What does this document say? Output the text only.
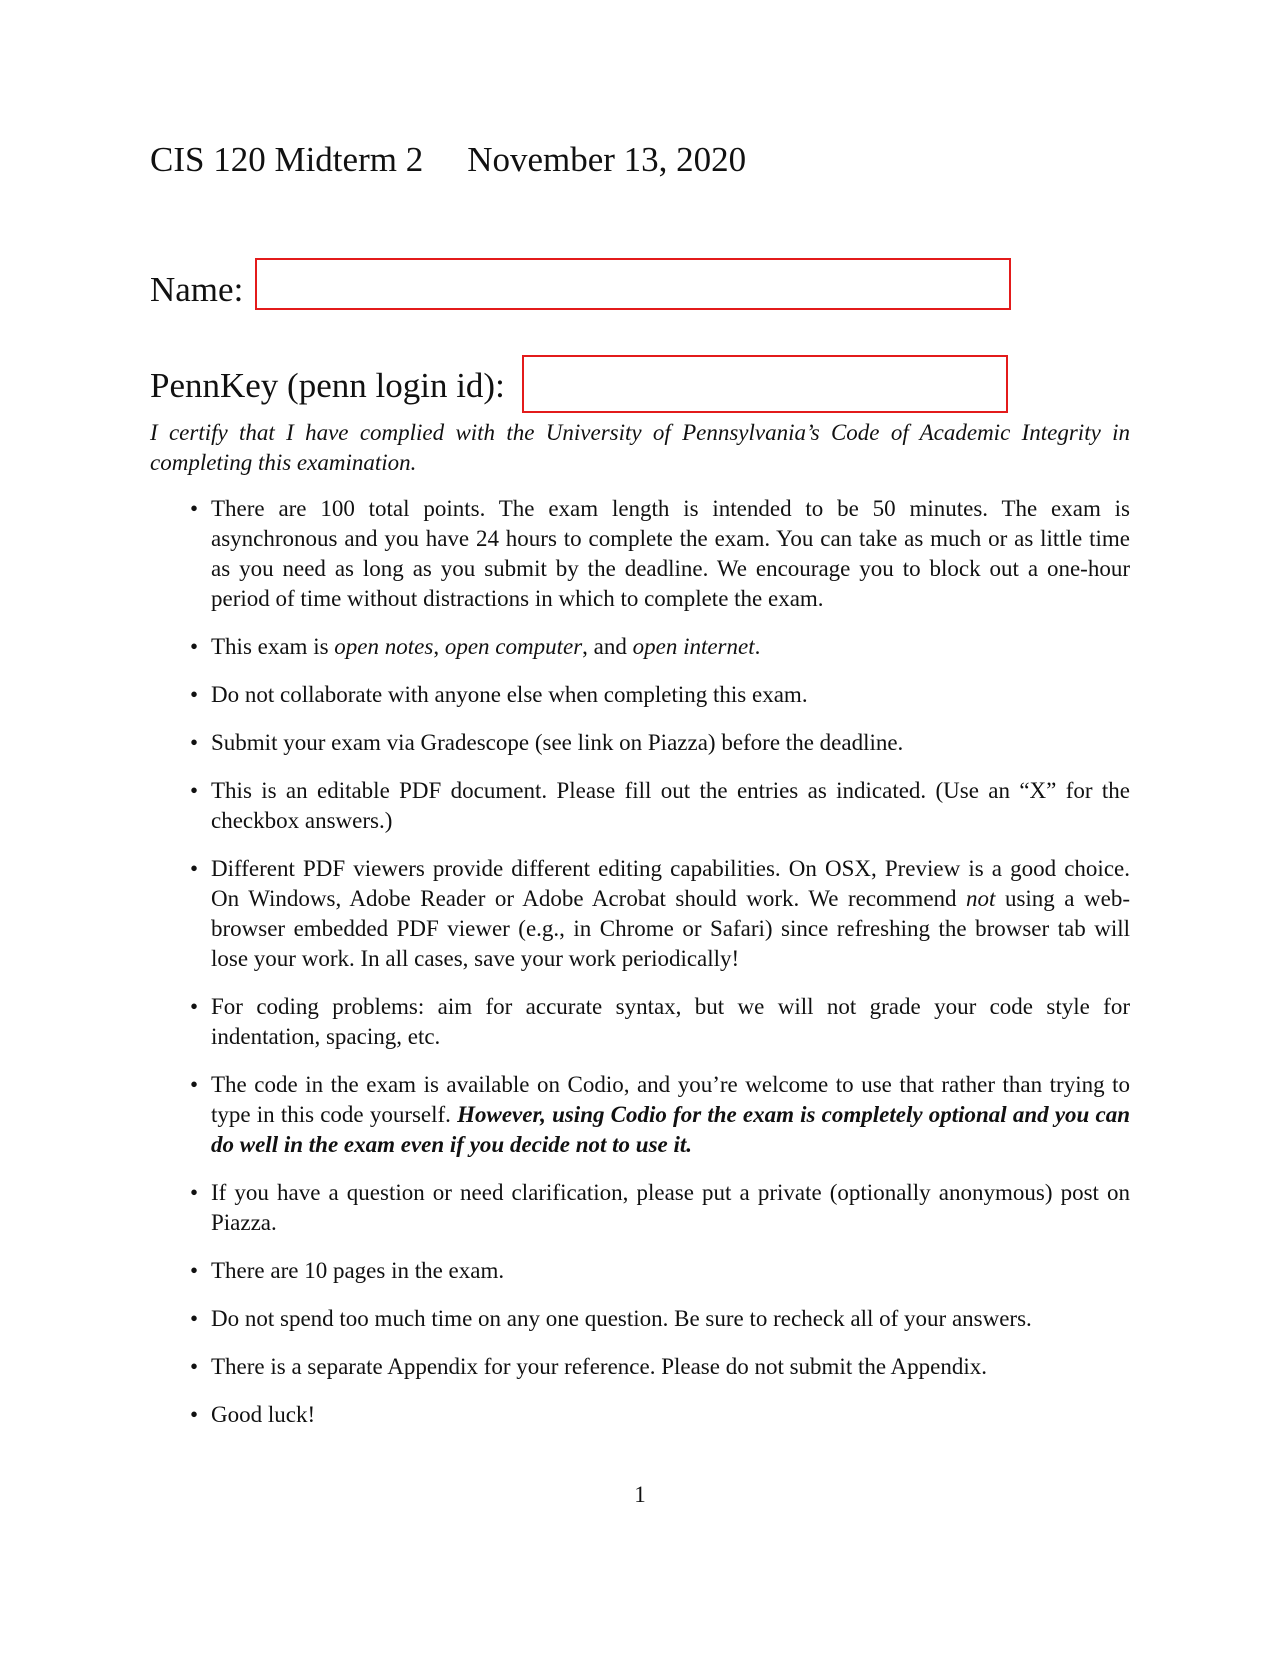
CIS 120 Midterm 2 November 13, 2020
Name:
PennKey (penn login id):
I certify that I have complied with the University of Pennsylvania’s Code of Academic Integrity in completing this examination.
• There are 100 total points. The exam length is intended to be 50 minutes. The exam is asynchronous and you have 24 hours to complete the exam. You can take as much or as little time as you need as long as you submit by the deadline. We encourage you to block out a one-hour period of time without distractions in which to complete the exam.
• This exam is open notes, open computer, and open internet.
• Do not collaborate with anyone else when completing this exam.
• Submit your exam via Gradescope (see link on Piazza) before the deadline.
• This is an editable PDF document. Please fill out the entries as indicated. (Use an “X” for the checkbox answers.)
• Different PDF viewers provide different editing capabilities. On OSX, Preview is a good choice. On Windows, Adobe Reader or Adobe Acrobat should work. We recommend not using a web-browser embedded PDF viewer (e.g., in Chrome or Safari) since refreshing the browser tab will lose your work. In all cases, save your work periodically!
• For coding problems: aim for accurate syntax, but we will not grade your code style for indentation, spacing, etc.
• The code in the exam is available on Codio, and you’re welcome to use that rather than trying to type in this code yourself. However, using Codio for the exam is completely optional and you can do well in the exam even if you decide not to use it.
• If you have a question or need clarification, please put a private (optionally anonymous) post on Piazza.
• There are 10 pages in the exam.
• Do not spend too much time on any one question. Be sure to recheck all of your answers.
• There is a separate Appendix for your reference. Please do not submit the Appendix.
• Good luck!
1
